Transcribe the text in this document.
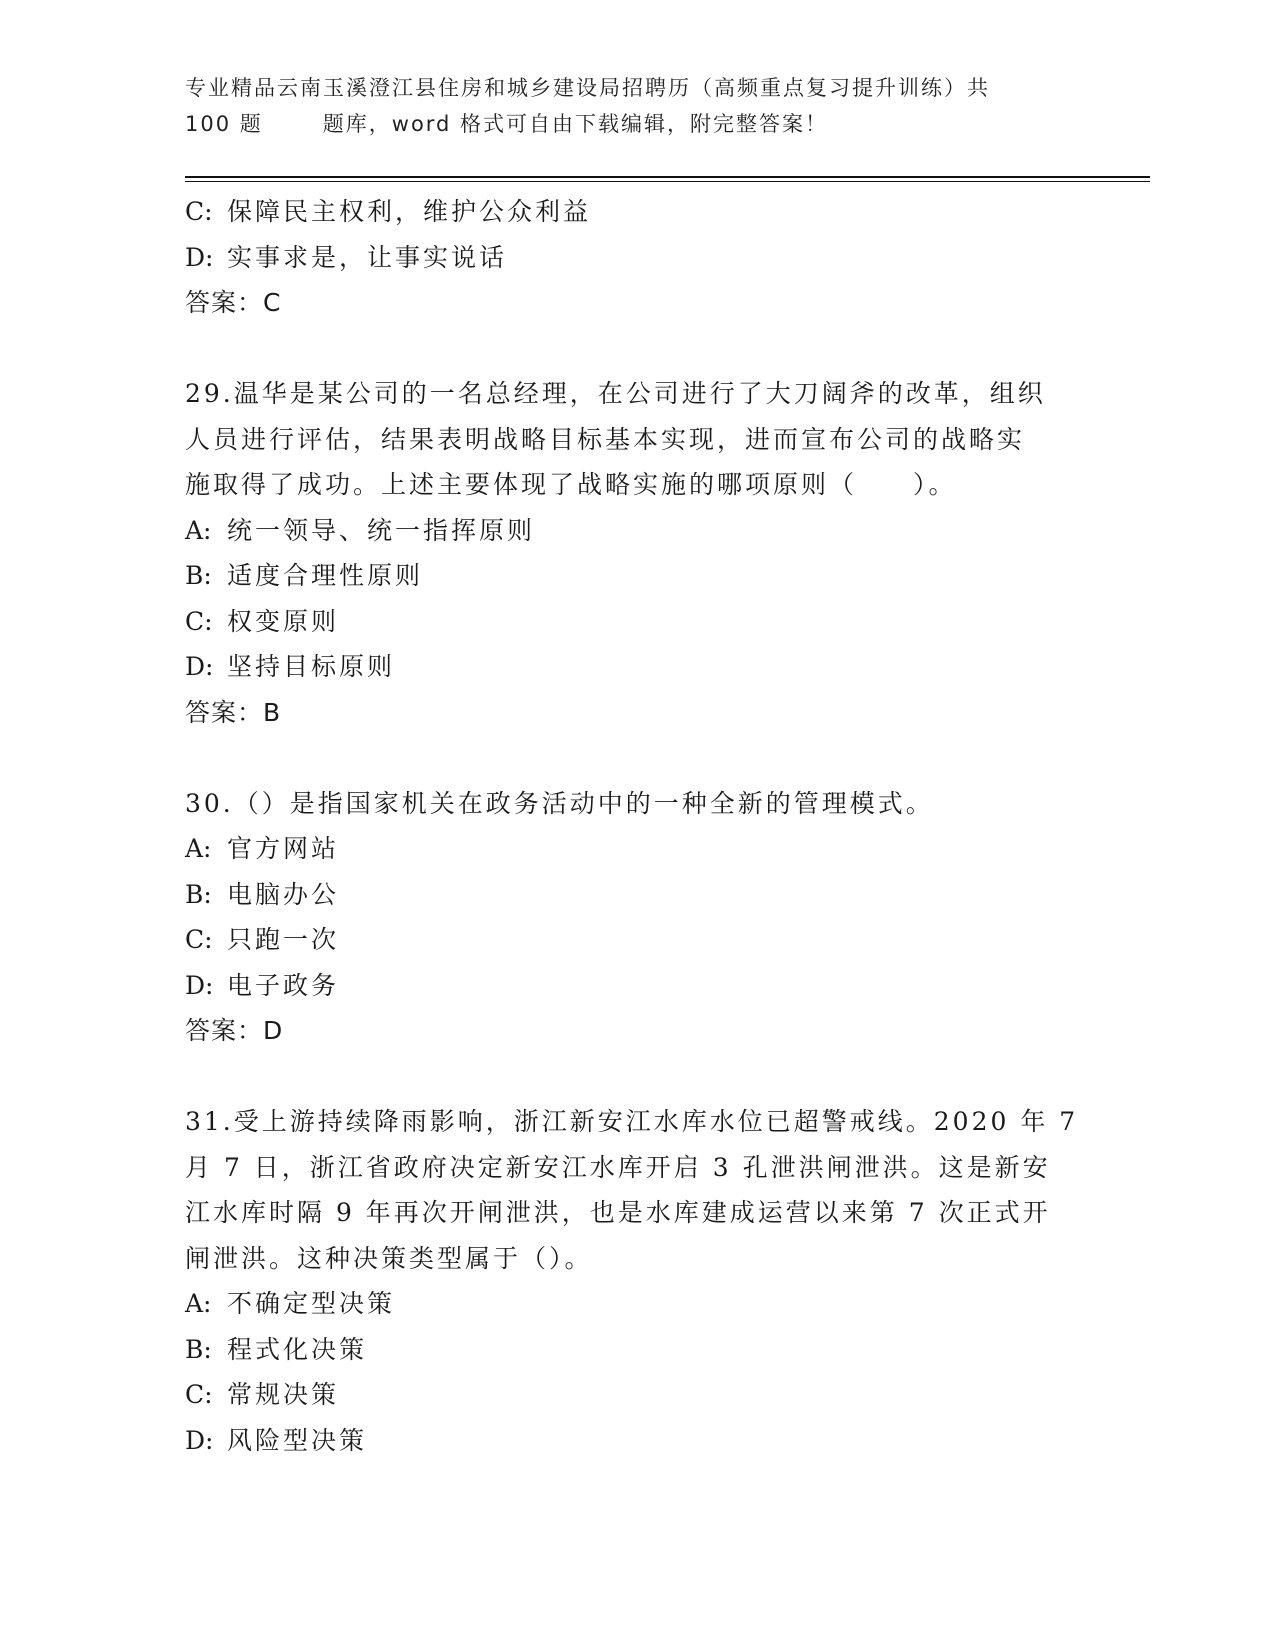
专业精品云南玉溪澄江县住房和城乡建设局招聘历（高频重点复习提升训练）共
100 题	题库，word 格式可自由下载编辑，附完整答案！
C: 保障民主权利，维护公众利益
D: 实事求是，让事实说话
答案：C
29.温华是某公司的一名总经理，在公司进行了大刀阔斧的改革，组织
人员进行评估，结果表明战略目标基本实现，进而宣布公司的战略实
施取得了成功。上述主要体现了战略实施的哪项原则（　　）。
A: 统一领导、统一指挥原则
B: 适度合理性原则
C: 权变原则
D: 坚持目标原则
答案：B
30.（）是指国家机关在政务活动中的一种全新的管理模式。
A: 官方网站
B: 电脑办公
C: 只跑一次
D: 电子政务
答案：D
31.受上游持续降雨影响，浙江新安江水库水位已超警戒线。2020 年 7
月 7 日，浙江省政府决定新安江水库开启 3 孔泄洪闸泄洪。这是新安
江水库时隔 9 年再次开闸泄洪，也是水库建成运营以来第 7 次正式开
闸泄洪。这种决策类型属于（）。
A: 不确定型决策
B: 程式化决策
C: 常规决策
D: 风险型决策
